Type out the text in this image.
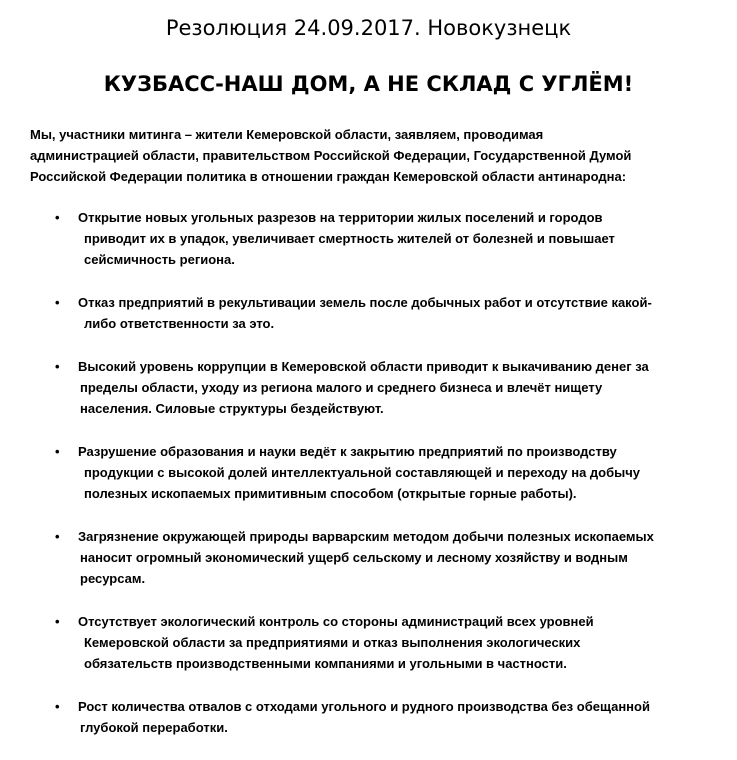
Резолюция 24.09.2017. Новокузнецк
КУЗБАСС-НАШ ДОМ, А НЕ СКЛАД С УГЛЁМ!
Мы, участники митинга – жители Кемеровской области, заявляем, проводимая
администрацией области, правительством Российской Федерации, Государственной Думой
Российской Федерации политика в отношении граждан Кемеровской области антинародна:
•	Открытие новых угольных разрезов на территории жилых поселений и городов
приводит их в упадок, увеличивает смертность жителей от болезней и повышает
сейсмичность региона.
•	Отказ предприятий в рекультивации земель после добычных работ и отсутствие какой-
либо ответственности за это.
•	Высокий уровень коррупции в Кемеровской области приводит к выкачиванию денег за
пределы области, уходу из региона малого и среднего бизнеса и влечёт нищету
населения. Силовые структуры бездействуют.
•	Разрушение образования и науки ведёт к закрытию предприятий по производству
продукции с высокой долей интеллектуальной составляющей и переходу на добычу
полезных ископаемых примитивным способом (открытые горные работы).
•	Загрязнение окружающей природы варварским методом добычи полезных ископаемых
наносит огромный экономический ущерб сельскому и лесному хозяйству и водным
ресурсам.
•	Отсутствует экологический контроль со стороны администраций всех уровней
Кемеровской области за предприятиями и отказ выполнения экологических
обязательств производственными компаниями и угольными в частности.
•	Рост количества отвалов с отходами угольного и рудного производства без обещанной
глубокой переработки.
